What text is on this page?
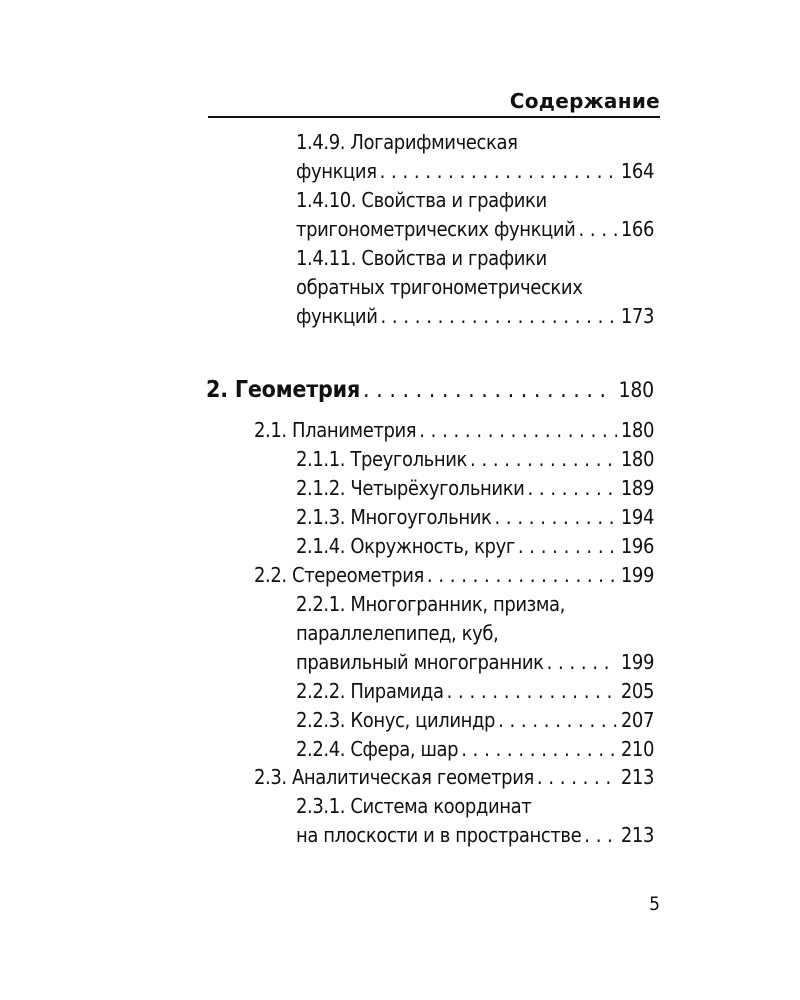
Содержание
1.4.9. Логарифмическая
функция . . .	164
1.4.10. Свойства и графики
тригонометрических функций . . . 166
1.4.11. Свойства и графики
обратных тригонометрических
функций . . .	173
2. Геометрия . . .	180
2.1. Планиметрия . . .	180
2.1.1. Треугольник . . .	180
2.1.2. Четырёхугольники . . .	189
2.1.3. Многоугольник . . .	194
2.1.4. Окружность, круг . . .	196
2.2. Стереометрия . . .	199
2.2.1. Многогранник, призма,
параллелепипед, куб,
правильный многогранник . . .	199
2.2.2. Пирамида . . .	205
2.2.3. Конус, цилиндр . . .	207
2.2.4. Сфера, шар . . .	210
2.3. Аналитическая геометрия . . .	213
2.3.1. Система координат
на плоскости и в пространстве . . . 213
5
